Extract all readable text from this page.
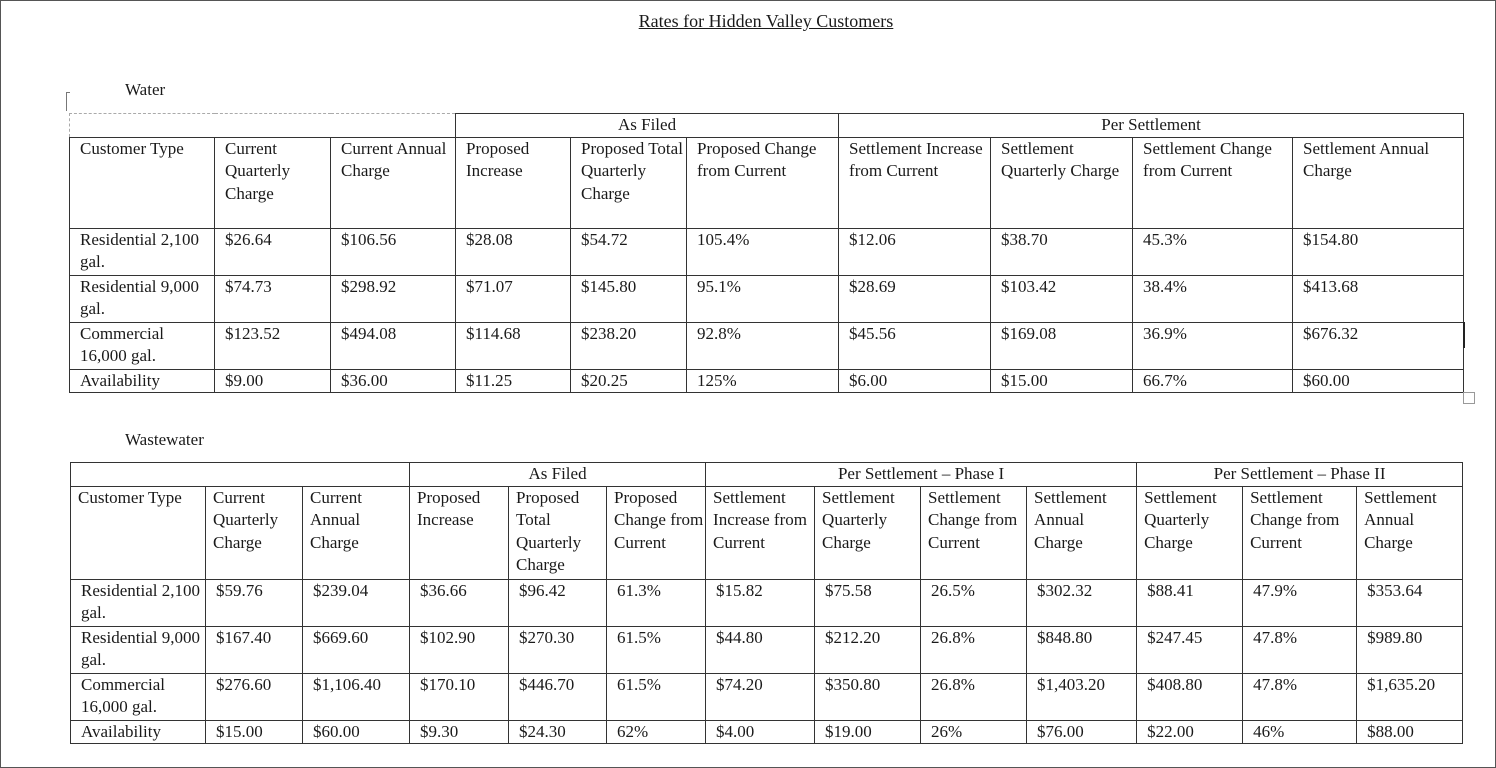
Rates for Hidden Valley Customers
Water
			As Filed			Per Settlement			
Customer Type	Current Quarterly Charge	Current Annual Charge	Proposed Increase	Proposed Total Quarterly Charge	Proposed Change from Current	Settlement Increase from Current	Settlement Quarterly Charge	Settlement Change from Current	Settlement Annual Charge
Residential 2,100 gal.	$26.64	$106.56	$28.08	$54.72	105.4%	$12.06	$38.70	45.3%	$154.80
Residential 9,000 gal.	$74.73	$298.92	$71.07	$145.80	95.1%	$28.69	$103.42	38.4%	$413.68
Commercial 16,000 gal.	$123.52	$494.08	$114.68	$238.20	92.8%	$45.56	$169.08	36.9%	$676.32
Availability	$9.00	$36.00	$11.25	$20.25	125%	$6.00	$15.00	66.7%	$60.00
Wastewater
			As Filed			Per Settlement – Phase I				Per Settlement – Phase II		
Customer Type	Current Quarterly Charge	Current Annual Charge	Proposed Increase	Proposed Total Quarterly Charge	Proposed Change from Current	Settlement Increase from Current	Settlement Quarterly Charge	Settlement Change from Current	Settlement Annual Charge	Settlement Quarterly Charge	Settlement Change from Current	Settlement Annual Charge
Residential 2,100 gal.	$59.76	$239.04	$36.66	$96.42	61.3%	$15.82	$75.58	26.5%	$302.32	$88.41	47.9%	$353.64
Residential 9,000 gal.	$167.40	$669.60	$102.90	$270.30	61.5%	$44.80	$212.20	26.8%	$848.80	$247.45	47.8%	$989.80
Commercial 16,000 gal.	$276.60	$1,106.40	$170.10	$446.70	61.5%	$74.20	$350.80	26.8%	$1,403.20	$408.80	47.8%	$1,635.20
Availability	$15.00	$60.00	$9.30	$24.30	62%	$4.00	$19.00	26%	$76.00	$22.00	46%	$88.00
